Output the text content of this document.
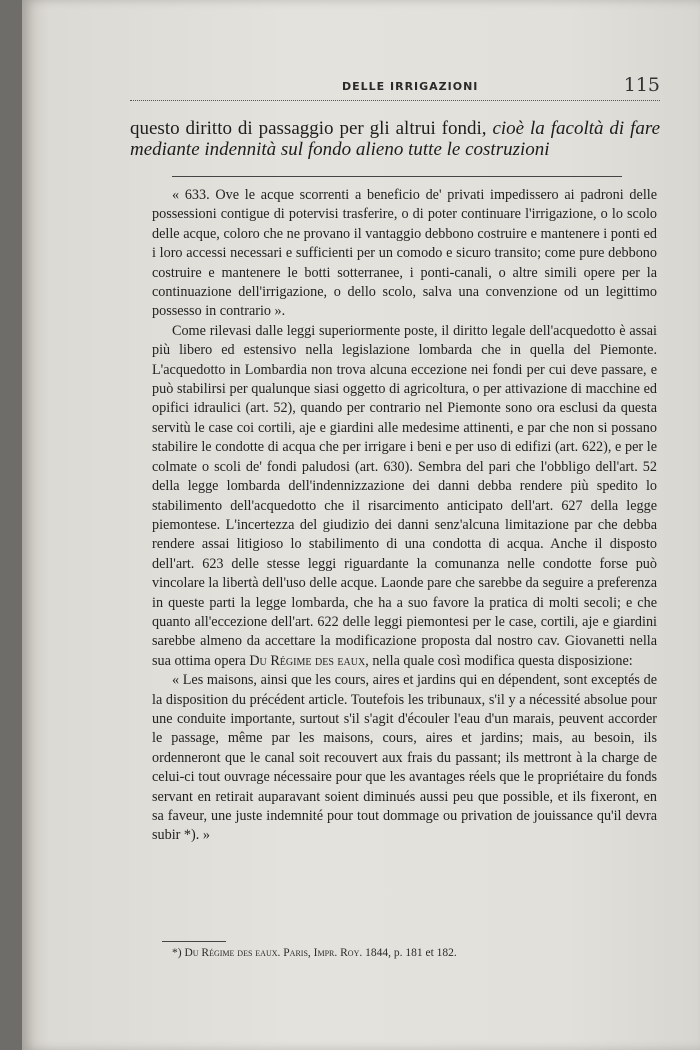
DELLE IRRIGAZIONI	115
questo diritto di passaggio per gli altrui fondi, cioè la facoltà di fare mediante indennità sul fondo alieno tutte le costruzioni

« 633. Ove le acque scorrenti a beneficio de' privati impedissero ai padroni delle possessioni contigue di potervisi trasferire, o di poter continuare l'irrigazione, o lo scolo delle acque, coloro che ne provano il vantaggio debbono costruire e mantenere i ponti ed i loro accessi necessari e sufficienti per un comodo e sicuro transito; come pure debbono costruire e mantenere le botti sotterranee, i ponti-canali, o altre simili opere per la continuazione dell'irrigazione, o dello scolo, salva una convenzione od un legittimo possesso in contrario ».

Come rilevasi dalle leggi superiormente poste, il diritto legale dell'acquedotto è assai più libero ed estensivo nella legislazione lombarda che in quella del Piemonte. L'acquedotto in Lombardia non trova alcuna eccezione nei fondi per cui deve passare, e può stabilirsi per qualunque siasi oggetto di agricoltura, o per attivazione di macchine ed opifici idraulici (art. 52), quando per contrario nel Piemonte sono ora esclusi da questa servitù le case coi cortili, aje e giardini alle medesime attinenti, e par che non si possano stabilire le condotte di acqua che per irrigare i beni e per uso di edifizi (art. 622), e per le colmate o scoli de' fondi paludosi (art. 630). Sembra del pari che l'obbligo dell'art. 52 della legge lombarda dell'indennizzazione dei danni debba rendere più spedito lo stabilimento dell'acquedotto che il risarcimento anticipato dell'art. 627 della legge piemontese. L'incertezza del giudizio dei danni senz'alcuna limitazione par che debba rendere assai litigioso lo stabilimento di una condotta di acqua. Anche il disposto dell'art. 623 delle stesse leggi riguardante la comunanza nelle condotte forse può vincolare la libertà dell'uso delle acque. Laonde pare che sarebbe da seguire a preferenza in queste parti la legge lombarda, che ha a suo favore la pratica di molti secoli; e che quanto all'eccezione dell'art. 622 delle leggi piemontesi per le case, cortili, aje e giardini sarebbe almeno da accettare la modificazione proposta dal nostro cav. Giovanetti nella sua ottima opera Du Régime des eaux, nella quale così modifica questa disposizione:

« Les maisons, ainsi que les cours, aires et jardins qui en dépendent, sont exceptés de la disposition du précédent article. Toutefois les tribunaux, s'il y a nécessité absolue pour une conduite importante, surtout s'il s'agit d'écouler l'eau d'un marais, peuvent accorder le passage, même par les maisons, cours, aires et jardins; mais, au besoin, ils ordenneront que le canal soit recouvert aux frais du passant; ils mettront à la charge de celui-ci tout ouvrage nécessaire pour que les avantages réels que le propriétaire du fonds servant en retirait auparavant soient diminués aussi peu que possible, et ils fixeront, en sa faveur, une juste indemnité pour tout dommage ou privation de jouissance qu'il devra subir *). »

*) Du Régime des eaux. Paris, Impr. Roy. 1844, p. 181 et 182.
